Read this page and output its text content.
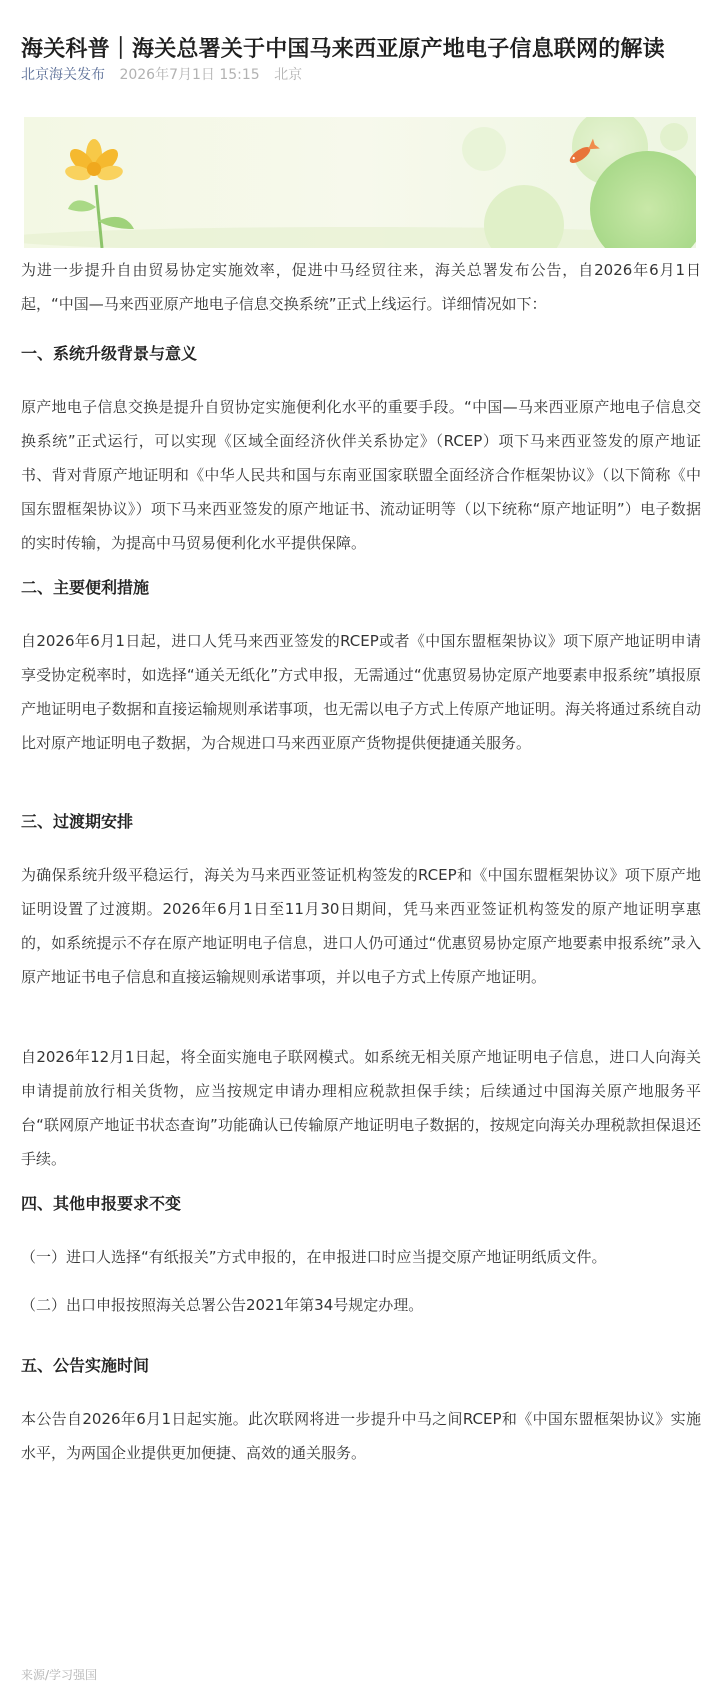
海关科普｜海关总署关于中国马来西亚原产地电子信息联网的解读
北京海关发布 2026年7月1日 15:15 北京

为进一步提升自由贸易协定实施效率，促进中马经贸往来，海关总署发布公告，自2026年6月1日起，“中国—马来西亚原产地电子信息交换系统”正式上线运行。详细情况如下：

一、系统升级背景与意义

原产地电子信息交换是提升自贸协定实施便利化水平的重要手段。“中国—马来西亚原产地电子信息交换系统”正式运行，可以实现《区域全面经济伙伴关系协定》（RCEP）项下马来西亚签发的原产地证书、背对背原产地证明和《中华人民共和国与东南亚国家联盟全面经济合作框架协议》（以下简称《中国东盟框架协议》）项下马来西亚签发的原产地证书、流动证明等（以下统称“原产地证明”）电子数据的实时传输，为提高中马贸易便利化水平提供保障。

二、主要便利措施

自2026年6月1日起，进口人凭马来西亚签发的RCEP或者《中国东盟框架协议》项下原产地证明申请享受协定税率时，如选择“通关无纸化”方式申报，无需通过“优惠贸易协定原产地要素申报系统”填报原产地证明电子数据和直接运输规则承诺事项，也无需以电子方式上传原产地证明。海关将通过系统自动比对原产地证明电子数据，为合规进口马来西亚原产货物提供便捷通关服务。

三、过渡期安排

为确保系统升级平稳运行，海关为马来西亚签证机构签发的RCEP和《中国东盟框架协议》项下原产地证明设置了过渡期。2026年6月1日至11月30日期间，凭马来西亚签证机构签发的原产地证明享惠的，如系统提示不存在原产地证明电子信息，进口人仍可通过“优惠贸易协定原产地要素申报系统”录入原产地证书电子信息和直接运输规则承诺事项，并以电子方式上传原产地证明。

自2026年12月1日起，将全面实施电子联网模式。如系统无相关原产地证明电子信息，进口人向海关申请提前放行相关货物，应当按规定申请办理相应税款担保手续；后续通过中国海关原产地服务平台“联网原产地证书状态查询”功能确认已传输原产地证明电子数据的，按规定向海关办理税款担保退还手续。

四、其他申报要求不变

（一）进口人选择“有纸报关”方式申报的，在申报进口时应当提交原产地证明纸质文件。

（二）出口申报按照海关总署公告2021年第34号规定办理。

五、公告实施时间

本公告自2026年6月1日起实施。此次联网将进一步提升中马之间RCEP和《中国东盟框架协议》实施水平，为两国企业提供更加便捷、高效的通关服务。

来源/学习强国
